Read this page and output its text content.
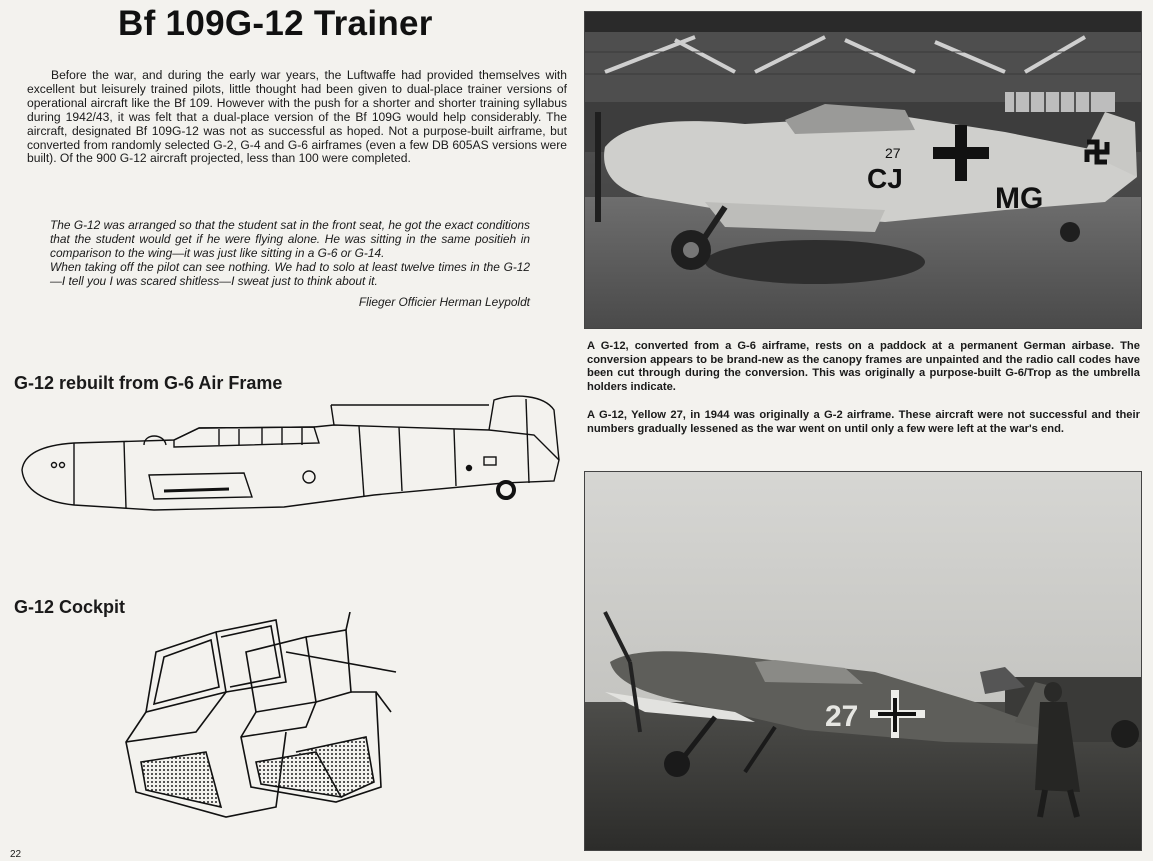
Bf 109G-12 Trainer

Before the war, and during the early war years, the Luftwaffe had provided themselves with excellent but leisurely trained pilots, little thought had been given to dual-place trainer versions of operational aircraft like the Bf 109. However with the push for a shorter and shorter training syllabus during 1942/43, it was felt that a dual-place version of the Bf 109G would help considerably. The aircraft, designated Bf 109G-12 was not as successful as hoped. Not a purpose-built airframe, but converted from randomly selected G-2, G-4 and G-6 airframes (even a few DB 605AS versions were built). Of the 900 G-12 aircraft projected, less than 100 were completed.

The G-12 was arranged so that the student sat in the front seat, he got the exact conditions that the student would get if he were flying alone. He was sitting in the same positieh in comparison to the wing—it was just like sitting in a G-6 or G-14.

When taking off the pilot can see nothing. We had to solo at least twelve times in the G-12—I tell you I was scared shitless—I sweat just to think about it.

Flieger Officier Herman Leypoldt

G-12 rebuilt from G-6 Air Frame
G-12 Cockpit
MG
CJ
27

A G-12, converted from a G-6 airframe, rests on a paddock at a permanent German airbase. The conversion appears to be brand-new as the canopy frames are unpainted and the radio call codes have been cut through during the conversion. This was originally a purpose-built G-6/Trop as the umbrella holders indicate.

A G-12, Yellow 27, in 1944 was originally a G-2 airframe. These aircraft were not successful and their numbers gradually lessened as the war went on until only a few were left at the war's end.

27
22
